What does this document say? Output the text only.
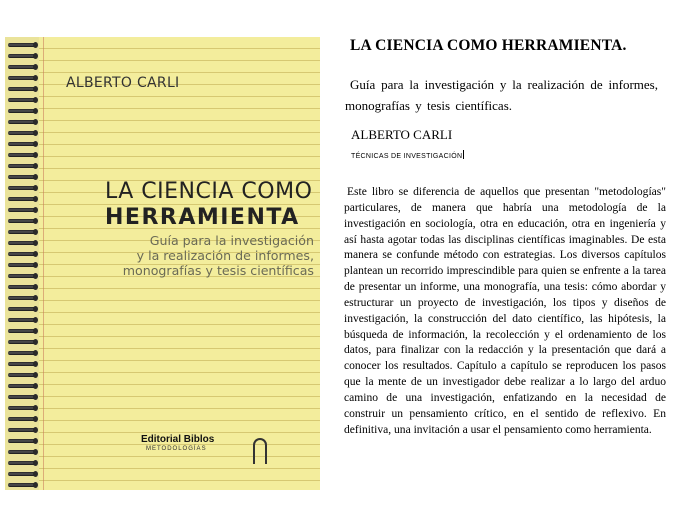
ALBERTO CARLI
LA CIENCIA COMO
HERRAMIENTA

Guía para la investigación
y la realización de informes,
monografías y tesis científicas

Editorial Biblos
METODOLOGÍAS
LA CIENCIA COMO HERRAMIENTA.

Guía para la investigación y la realización de informes, monografías y tesis científicas.

ALBERTO CARLI

TÉCNICAS DE INVESTIGACIÓN

Este libro se diferencia de aquellos que presentan "metodologías" particulares, de manera que habría una metodología de la investigación en sociología, otra en educación, otra en ingeniería y así hasta agotar todas las disciplinas científicas imaginables. De esta manera se confunde método con estrategias. Los diversos capítulos plantean un recorrido imprescindible para quien se enfrente a la tarea de presentar un informe, una monografía, una tesis: cómo abordar y estructurar un proyecto de investigación, los tipos y diseños de investigación, la construcción del dato científico, las hipótesis, la búsqueda de información, la recolección y el ordenamiento de los datos, para finalizar con la redacción y la presentación que dará a conocer los resultados. Capítulo a capítulo se reproducen los pasos que la mente de un investigador debe realizar a lo largo del arduo camino de una investigación, enfatizando en la necesidad de construir un pensamiento crítico, en el sentido de reflexivo. En definitiva, una invitación a usar el pensamiento como herramienta.
